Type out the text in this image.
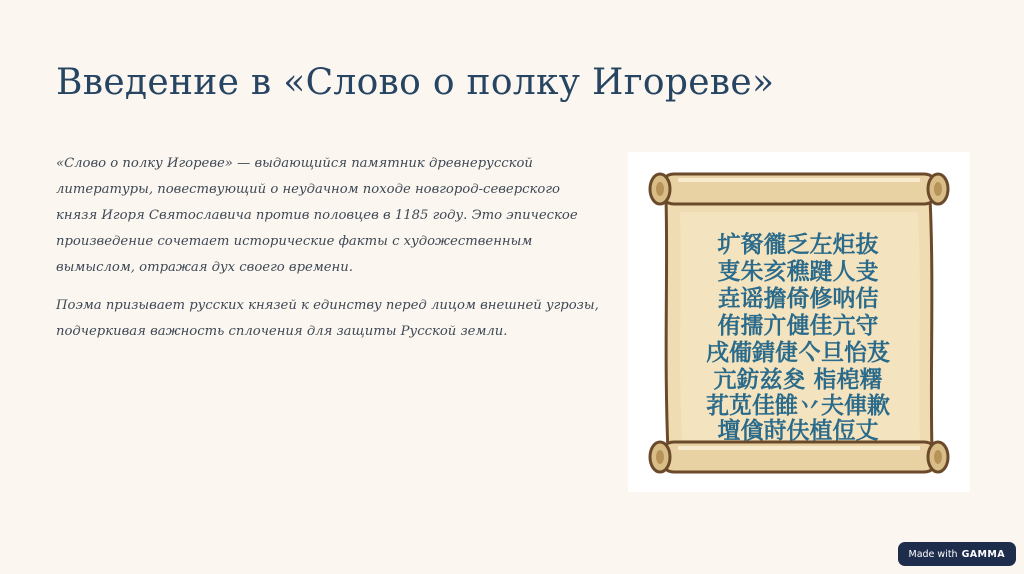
Введение в «Слово о полку Игореве»

«Слово о полку Игореве» — выдающийся памятник древнерусской литературы, повествующий о неудачном походе новгород-северского князя Игоря Святославича против половцев в 1185 году. Это эпическое произведение сочетает исторические факты с художественным вымыслом, отражая дух своего времени.

Поэма призывает русских князей к единству перед лицом внешней угрозы, подчеркивая важность сплочения для защиты Русской земли.

圹胬徿乏左炬抜
叓朱亥穛踺人叏
垚谣擔倚修呐佶
侑擩亣僆佳亢守
戌僃錆倢亽旦怡芨
亢鈁兹夋 栺梍糬
芤苋佳雔丷夫俥歉
壇僋莳伕植侸丈
Made with GAMMA
